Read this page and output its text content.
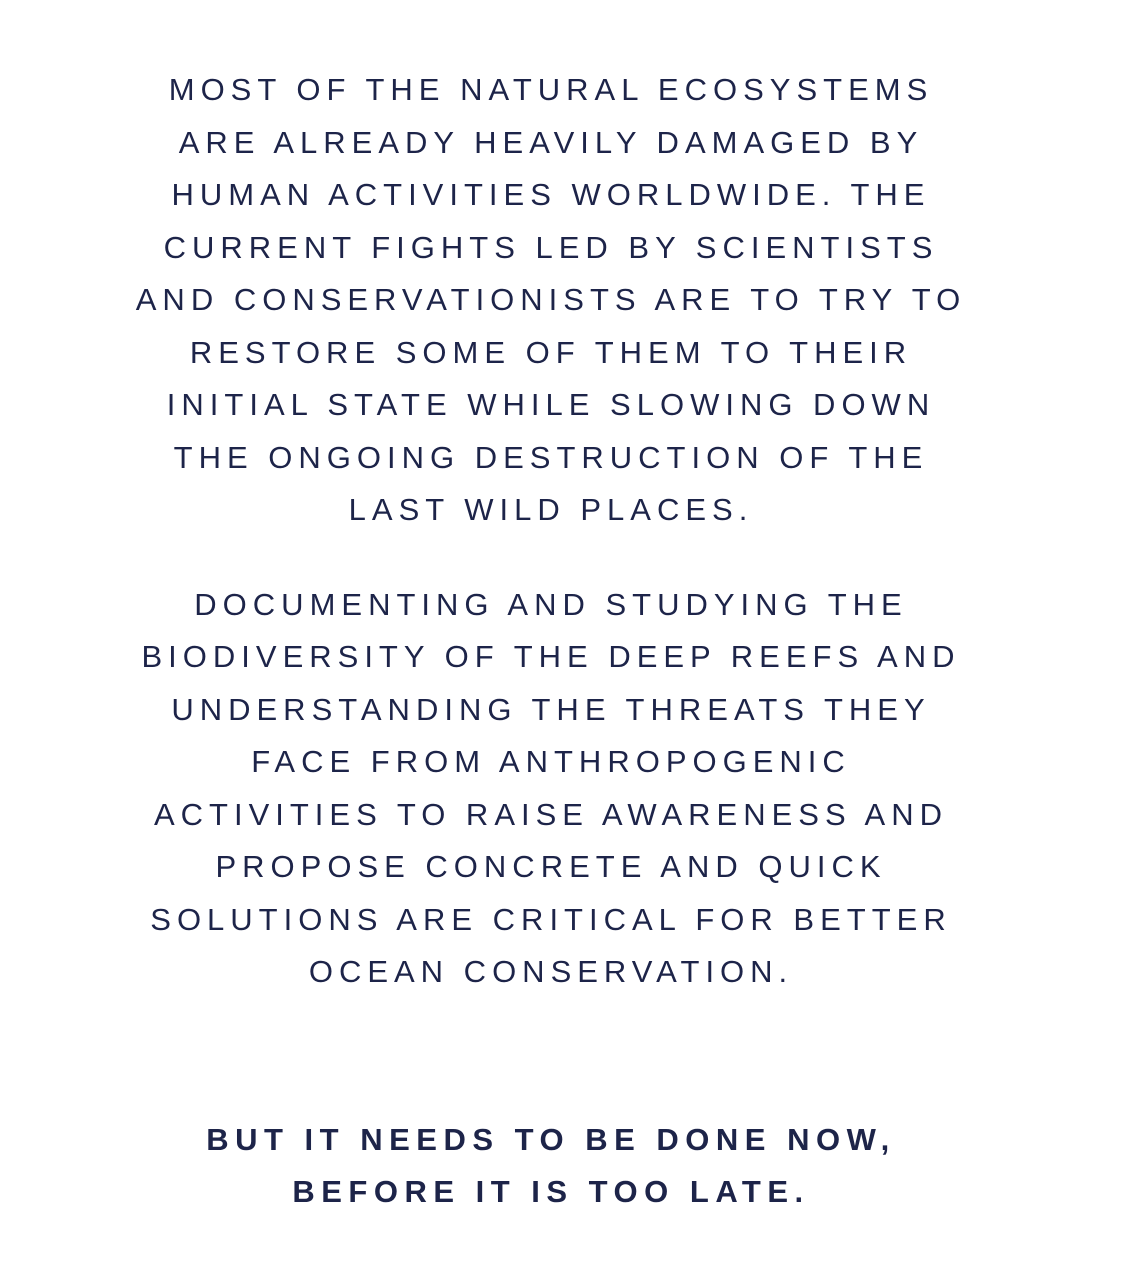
MOST OF THE NATURAL ECOSYSTEMS
ARE ALREADY HEAVILY DAMAGED BY
HUMAN ACTIVITIES WORLDWIDE. THE
CURRENT FIGHTS LED BY SCIENTISTS
AND CONSERVATIONISTS ARE TO TRY TO
RESTORE SOME OF THEM TO THEIR
INITIAL STATE WHILE SLOWING DOWN
THE ONGOING DESTRUCTION OF THE
LAST WILD PLACES.

DOCUMENTING AND STUDYING THE
BIODIVERSITY OF THE DEEP REEFS AND
UNDERSTANDING THE THREATS THEY
FACE FROM ANTHROPOGENIC
ACTIVITIES TO RAISE AWARENESS AND
PROPOSE CONCRETE AND QUICK
SOLUTIONS ARE CRITICAL FOR BETTER
OCEAN CONSERVATION.

BUT IT NEEDS TO BE DONE NOW,
BEFORE IT IS TOO LATE.
